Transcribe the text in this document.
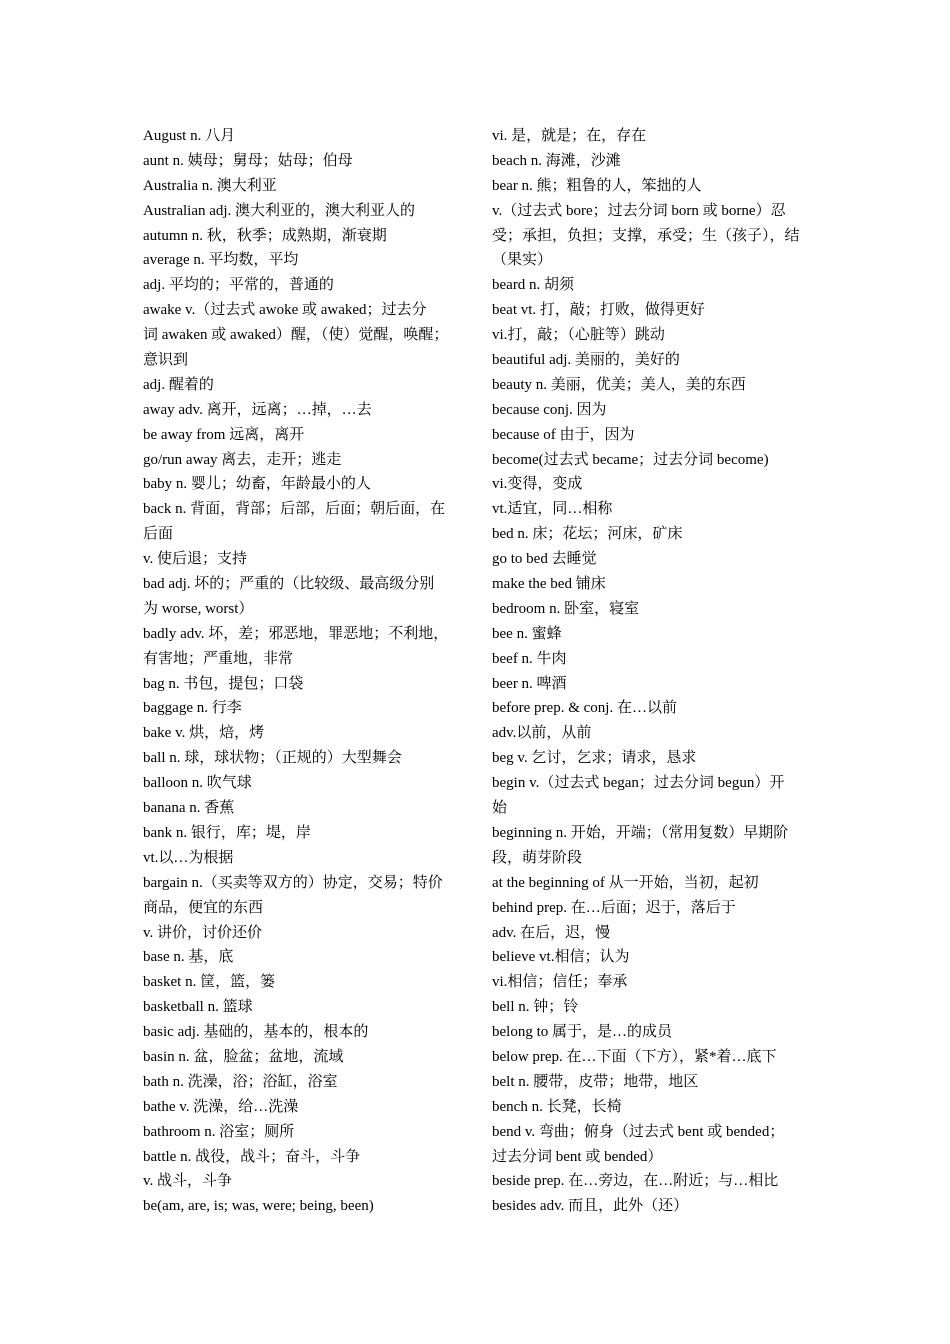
August n. 八月
aunt n. 姨母；舅母；姑母；伯母
Australia n. 澳大利亚
Australian adj. 澳大利亚的，澳大利亚人的
autumn n. 秋，秋季；成熟期，渐衰期
average n. 平均数，平均
adj. 平均的；平常的，普通的
awake v.（过去式 awoke 或 awaked；过去分
词 awaken 或 awaked）醒，（使）觉醒，唤醒；
意识到
adj. 醒着的
away adv. 离开，远离；…掉，…去
be away from 远离，离开
go/run away 离去，走开；逃走
baby n. 婴儿；幼畜，年龄最小的人
back n. 背面，背部；后部，后面；朝后面，在
后面
v. 使后退；支持
bad adj. 坏的；严重的（比较级、最高级分别
为 worse, worst）
badly adv. 坏，差；邪恶地，罪恶地；不利地，
有害地；严重地，非常
bag n. 书包，提包；口袋
baggage n. 行李
bake v. 烘，焙，烤
ball n. 球，球状物；（正规的）大型舞会
balloon n. 吹气球
banana n. 香蕉
bank n. 银行，库；堤，岸
vt.以…为根据
bargain n.（买卖等双方的）协定，交易；特价
商品，便宜的东西
v. 讲价，讨价还价
base n. 基，底
basket n. 筐，篮，篓
basketball n. 篮球
basic adj. 基础的，基本的，根本的
basin n. 盆，脸盆；盆地，流域
bath n. 洗澡，浴；浴缸，浴室
bathe v. 洗澡，给…洗澡
bathroom n. 浴室；厕所
battle n. 战役，战斗；奋斗，斗争
v. 战斗，斗争
be(am, are, is; was, were; being, been)
vi. 是，就是；在，存在
beach n. 海滩，沙滩
bear n. 熊；粗鲁的人，笨拙的人
v.（过去式 bore；过去分词 born 或 borne）忍
受；承担，负担；支撑，承受；生（孩子），结
（果实）
beard n. 胡须
beat vt. 打，敲；打败，做得更好
vi.打，敲；（心脏等）跳动
beautiful adj. 美丽的，美好的
beauty n. 美丽，优美；美人，美的东西
because conj. 因为
because of 由于，因为
become(过去式 became；过去分词 become)
vi.变得，变成
vt.适宜，同…相称
bed n. 床；花坛；河床，矿床
go to bed 去睡觉
make the bed 铺床
bedroom n. 卧室，寝室
bee n. 蜜蜂
beef n. 牛肉
beer n. 啤酒
before prep. & conj. 在…以前
adv.以前，从前
beg v. 乞讨，乞求；请求，恳求
begin v.（过去式 began；过去分词 begun）开
始
beginning n. 开始，开端；（常用复数）早期阶
段，萌芽阶段
at the beginning of 从一开始，当初，起初
behind prep. 在…后面；迟于，落后于
adv. 在后，迟，慢
believe vt.相信；认为
vi.相信；信任；奉承
bell n. 钟；铃
belong to 属于，是…的成员
below prep. 在…下面（下方），紧*着…底下
belt n. 腰带，皮带；地带，地区
bench n. 长凳，长椅
bend v. 弯曲；俯身（过去式 bent 或 bended；
过去分词 bent 或 bended）
beside prep. 在…旁边，在…附近；与…相比
besides adv. 而且，此外（还）
